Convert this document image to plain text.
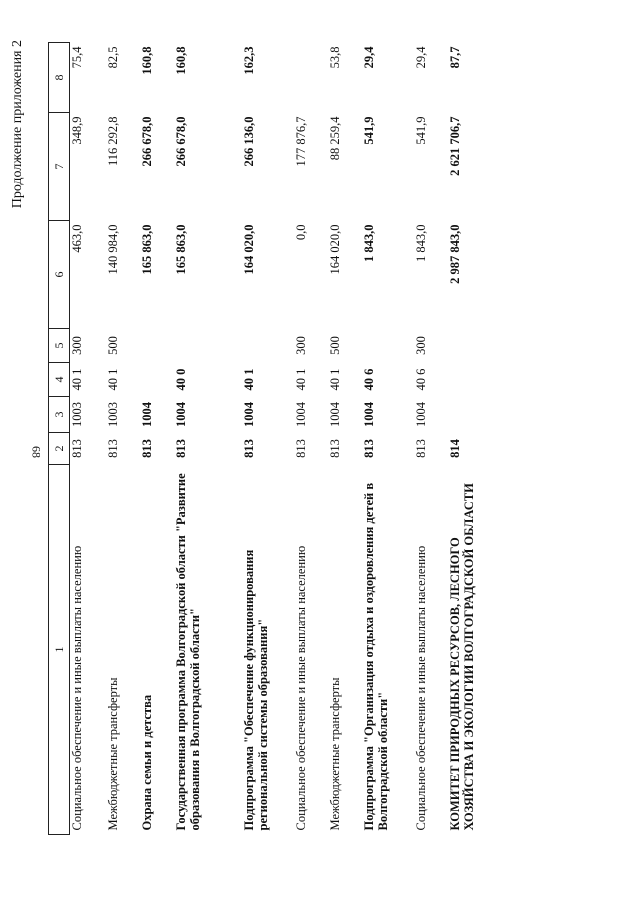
68
Продолжение приложения 2
1	2	3	4	5	6	7	8
Социальное обеспечение и иные выплаты населению	813	1003	40 1	300	463,0	348,9	75,4
Межбюджетные трансферты	813	1003	40 1	500	140 984,0	116 292,8	82,5
Охрана семьи и детства	813	1004			165 863,0	266 678,0	160,8
Государственная программа Волгоградской области "Развитие образования в Волгоградской области"	813	1004	40 0		165 863,0	266 678,0	160,8
Подпрограмма "Обеспечение функционирования региональной системы образования"	813	1004	40 1		164 020,0	266 136,0	162,3
Социальное обеспечение и иные выплаты населению	813	1004	40 1	300	0,0	177 876,7	
Межбюджетные трансферты	813	1004	40 1	500	164 020,0	88 259,4	53,8
Подпрограмма "Организация отдыха и оздоровления детей в Волгоградской области"	813	1004	40 6		1 843,0	541,9	29,4
Социальное обеспечение и иные выплаты населению	813	1004	40 6	300	1 843,0	541,9	29,4
КОМИТЕТ ПРИРОДНЫХ РЕСУРСОВ, ЛЕСНОГО ХОЗЯЙСТВА И ЭКОЛОГИИ ВОЛГОГРАДСКОЙ ОБЛАСТИ	814				2 987 843,0	2 621 706,7	87,7
